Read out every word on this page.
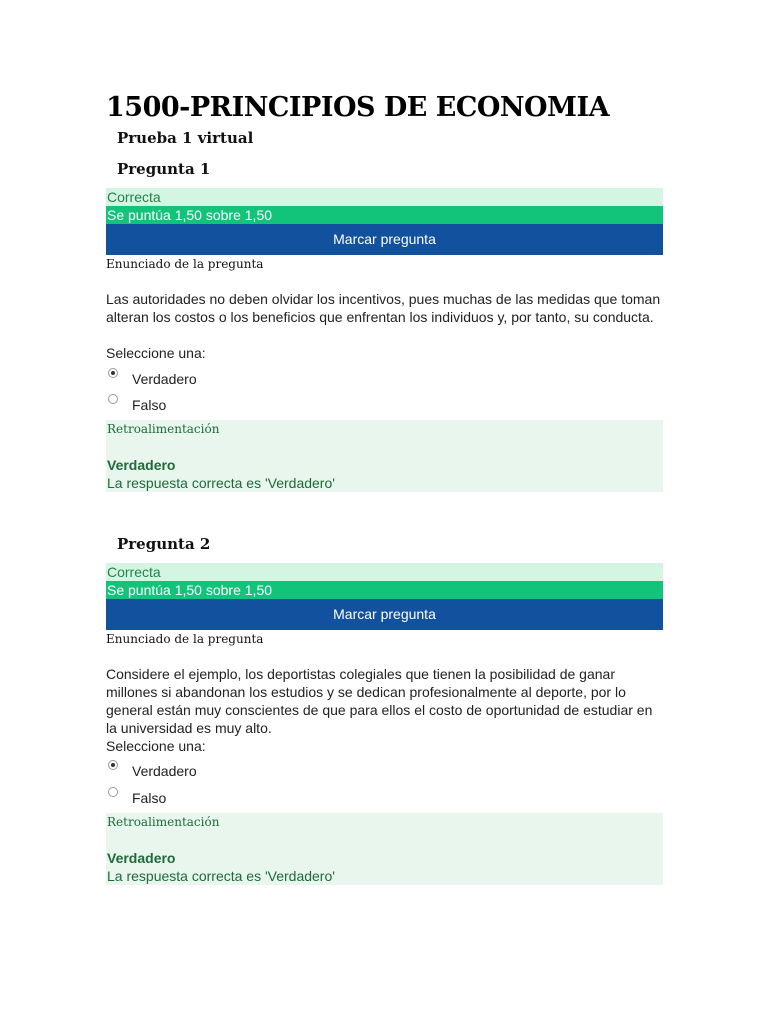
1500-PRINCIPIOS DE ECONOMIA
Prueba 1 virtual
Pregunta 1
Correcta
Se puntúa 1,50 sobre 1,50
Marcar pregunta

Enunciado de la pregunta

Las autoridades no deben olvidar los incentivos, pues muchas de las medidas que toman alteran los costos o los beneficios que enfrentan los individuos y, por tanto, su conducta.

Seleccione una:

Verdadero
Falso

Retroalimentación

Verdadero

La respuesta correcta es 'Verdadero'

Pregunta 2
Correcta
Se puntúa 1,50 sobre 1,50
Marcar pregunta

Enunciado de la pregunta

Considere el ejemplo, los deportistas colegiales que tienen la posibilidad de ganar millones si abandonan los estudios y se dedican profesionalmente al deporte, por lo general están muy conscientes de que para ellos el costo de oportunidad de estudiar en la universidad es muy alto.

Seleccione una:

Verdadero
Falso

Retroalimentación

Verdadero

La respuesta correcta es 'Verdadero'
